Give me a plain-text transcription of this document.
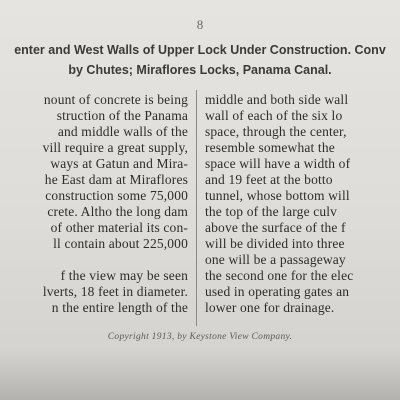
8
enter and West Walls of Upper Lock Under Construction. Conv
by Chutes; Miraflores Locks, Panama Canal.
nount of concrete is being
struction of the Panama
and middle walls of the
vill require a great supply,
ways at Gatun and Mira-
he East dam at Miraflores
construction some 75,000
crete. Altho the long dam
of other material its con-
ll contain about 225,000
f the view may be seen
lverts, 18 feet in diameter.
n the entire length of the
middle and both side wall
wall of each of the six lo
space, through the center,
resemble somewhat the
space will have a width of
and 19 feet at the botto
tunnel, whose bottom will
the top of the large culv
above the surface of the f
will be divided into three
one will be a passageway
the second one for the elec
used in operating gates an
lower one for drainage.
Copyright 1913, by Keystone View Company.
